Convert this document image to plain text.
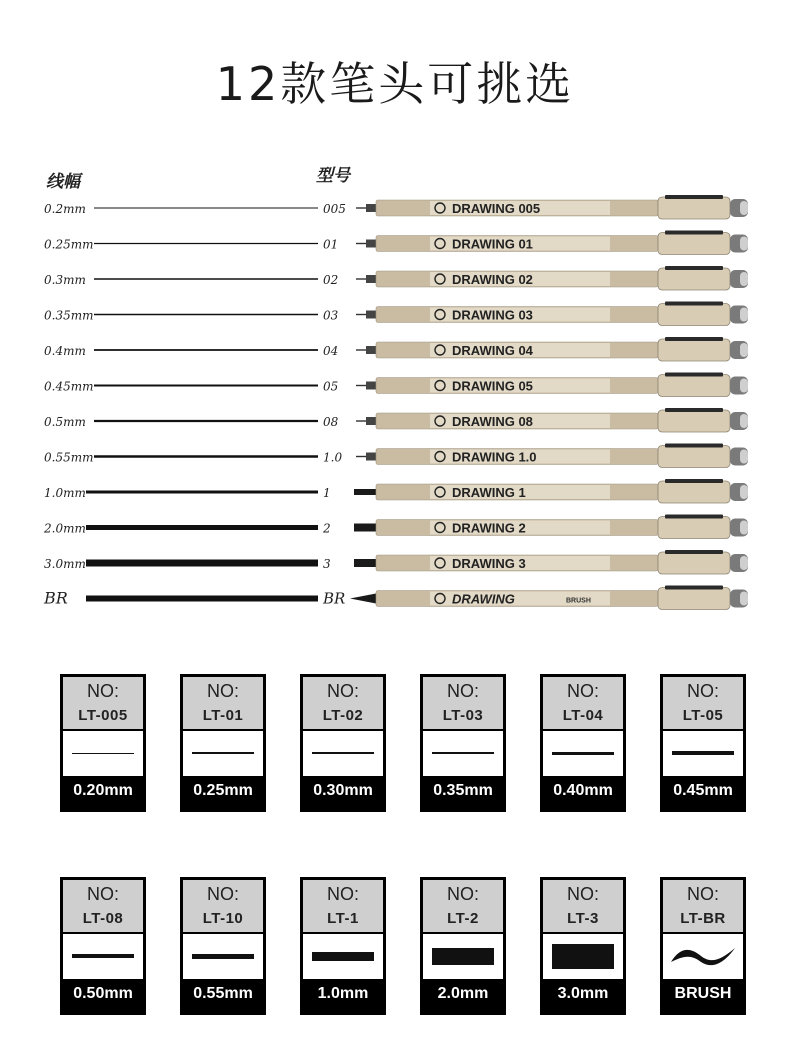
12款笔头可挑选
线幅	型号
0.2mm	005	DRAWING 005
0.25mm	01	DRAWING 01
0.3mm	02	DRAWING 02
0.35mm	03	DRAWING 03
0.4mm	04	DRAWING 04
0.45mm	05	DRAWING 05
0.5mm	08	DRAWING 08
0.55mm	1.0	DRAWING 1.0
1.0mm	1	DRAWING 1
2.0mm	2	DRAWING 2
3.0mm	3	DRAWING 3
BR	BR	DRAWING	BRUSH
NO:
LT-005
0.20mm
NO:
LT-01
0.25mm
NO:
LT-02
0.30mm
NO:
LT-03
0.35mm
NO:
LT-04
0.40mm
NO:
LT-05
0.45mm
NO:
LT-08
0.50mm
NO:
LT-10
0.55mm
NO:
LT-1
1.0mm
NO:
LT-2
2.0mm
NO:
LT-3
3.0mm
NO:
LT-BR
BRUSH
